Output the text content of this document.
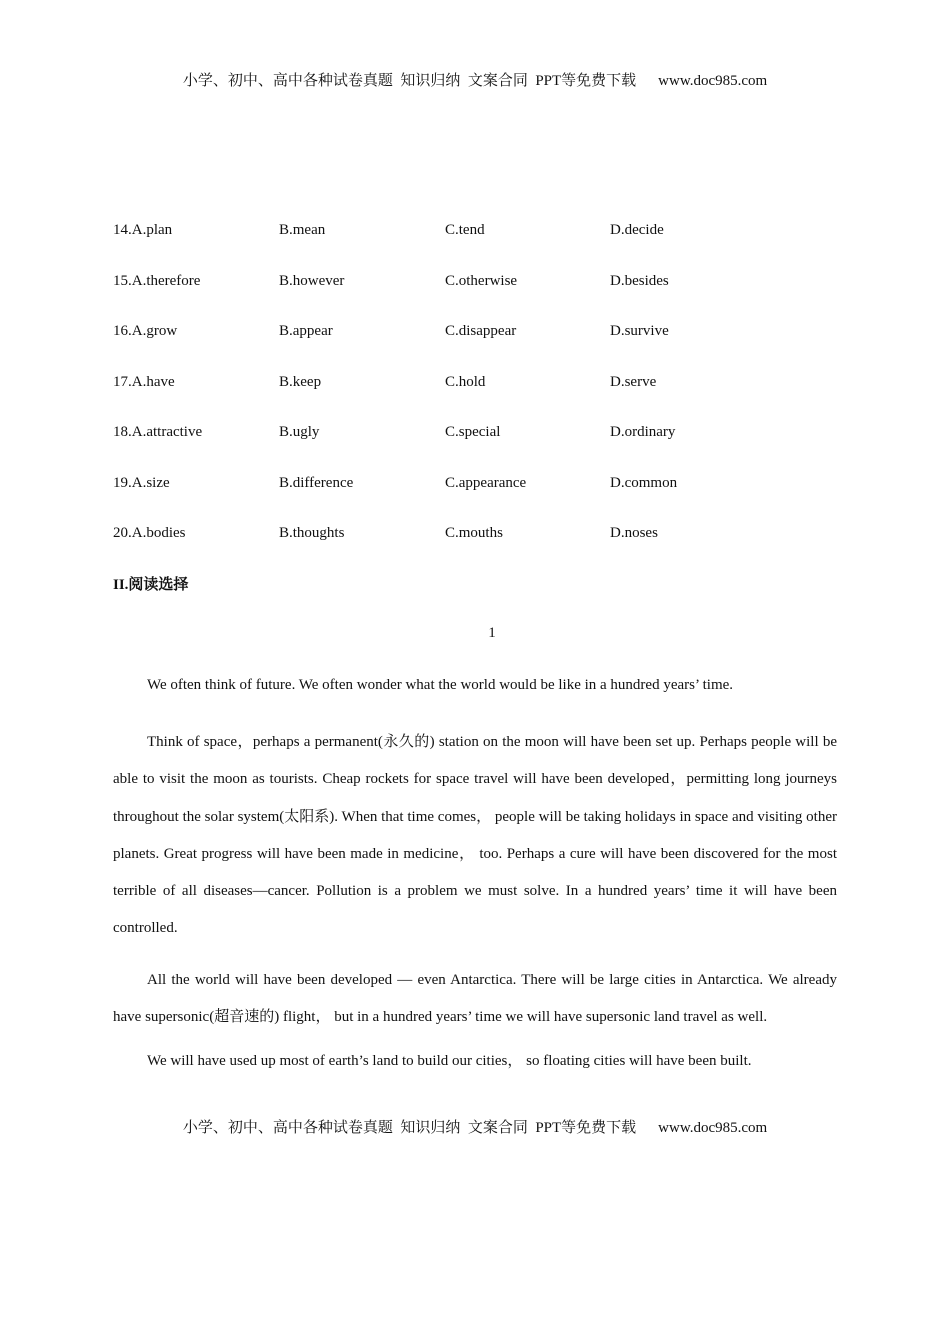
小学、初中、高中各种试卷真题  知识归纳  文案合同  PPT等免费下载 www.doc985.com
14.A.plan	B.mean	C.tend	D.decide
15.A.therefore	B.however	C.otherwise	D.besides
16.A.grow	B.appear	C.disappear	D.survive
17.A.have	B.keep	C.hold	D.serve
18.A.attractive	B.ugly	C.special	D.ordinary
19.A.size	B.difference	C.appearance	D.common
20.A.bodies	B.thoughts	C.mouths	D.noses
II.阅读选择
1

We often think of future. We often wonder what the world would be like in a hundred years’ time.

Think of space，perhaps a permanent(永久的) station on the moon will have been set up. Perhaps people will be able to visit the moon as tourists. Cheap rockets for space travel will have been developed，permitting long journeys throughout the solar system(太阳系). When that time comes， people will be taking holidays in space and visiting other planets. Great progress will have been made in medicine， too. Perhaps a cure will have been discovered for the most terrible of all diseases—cancer. Pollution is a problem we must solve. In a hundred years’ time it will have been controlled.

All the world will have been developed — even Antarctica. There will be large cities in Antarctica. We already have supersonic(超音速的) flight， but in a hundred years’ time we will have supersonic land travel as well.

We will have used up most of earth’s land to build our cities， so floating cities will have been built.

小学、初中、高中各种试卷真题  知识归纳  文案合同  PPT等免费下载 www.doc985.com
